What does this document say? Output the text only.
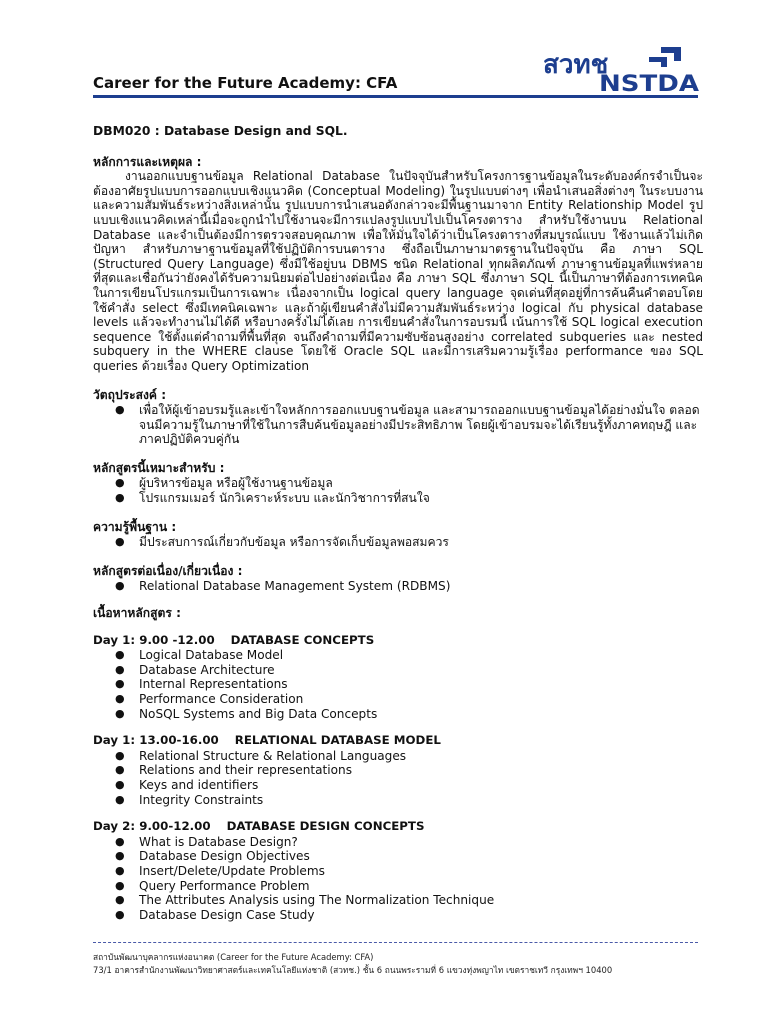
Career for the Future Academy: CFA
สวทช
NSTDA
DBM020 : Database Design and SQL.
หลักการและเหตุผล :

งานออกแบบฐานข้อมูล Relational Database ในปัจจุบันสำหรับโครงการฐานข้อมูลในระดับองค์กรจำเป็นจะต้องอาศัยรูปแบบการออกแบบเชิงแนวคิด (Conceptual Modeling) ในรูปแบบต่างๆ เพื่อนำเสนอสิ่งต่างๆ ในระบบงานและความสัมพันธ์ระหว่างสิ่งเหล่านั้น รูปแบบการนำเสนอดังกล่าวจะมีพื้นฐานมาจาก Entity Relationship Model รูปแบบเชิงแนวคิดเหล่านี้เมื่อจะถูกนำไปใช้งานจะมีการแปลงรูปแบบไปเป็นโครงตาราง สำหรับใช้งานบน Relational Database และจำเป็นต้องมีการตรวจสอบคุณภาพ เพื่อให้มั่นใจได้ว่าเป็นโครงตารางที่สมบูรณ์แบบ ใช้งานแล้วไม่เกิดปัญหา สำหรับภาษาฐานข้อมูลที่ใช้ปฏิบัติการบนตาราง ซึ่งถือเป็นภาษามาตรฐานในปัจจุบัน คือ ภาษา SQL (Structured Query Language) ซึ่งมีใช้อยู่บน DBMS ชนิด Relational ทุกผลิตภัณฑ์ ภาษาฐานข้อมูลที่แพร่หลายที่สุดและเชื่อกันว่ายังคงได้รับความนิยมต่อไปอย่างต่อเนื่อง คือ ภาษา SQL ซึ่งภาษา SQL นี้เป็นภาษาที่ต้องการเทคนิคในการเขียนโปรแกรมเป็นการเฉพาะ เนื่องจากเป็น logical query language จุดเด่นที่สุดอยู่ที่การค้นคืนคำตอบโดยใช้คำสั่ง select ซึ่งมีเทคนิคเฉพาะ และถ้าผู้เขียนคำสั่งไม่มีความสัมพันธ์ระหว่าง logical กับ physical database levels แล้วจะทำงานไม่ได้ดี หรือบางครั้งไม่ได้เลย การเขียนคำสั่งในการอบรมนี้ เน้นการใช้ SQL logical execution sequence ใช้ตั้งแต่คำถามที่พื้นที่สุด จนถึงคำถามที่มีความซับซ้อนสูงอย่าง correlated subqueries และ nested subquery in the WHERE clause โดยใช้ Oracle SQL และมีการเสริมความรู้เรื่อง performance ของ SQL queries ด้วยเรื่อง Query Optimization

วัตถุประสงค์ :
● เพื่อให้ผู้เข้าอบรมรู้และเข้าใจหลักการออกแบบฐานข้อมูล และสามารถออกแบบฐานข้อมูลได้อย่างมั่นใจ ตลอดจนมีความรู้ในภาษาที่ใช้ในการสืบค้นข้อมูลอย่างมีประสิทธิภาพ โดยผู้เข้าอบรมจะได้เรียนรู้ทั้งภาคทฤษฎี และภาคปฏิบัติควบคู่กัน
หลักสูตรนี้เหมาะสำหรับ :
● ผู้บริหารข้อมูล หรือผู้ใช้งานฐานข้อมูล
● โปรแกรมเมอร์ นักวิเคราะห์ระบบ และนักวิชาการที่สนใจ
ความรู้พื้นฐาน :
● มีประสบการณ์เกี่ยวกับข้อมูล หรือการจัดเก็บข้อมูลพอสมควร
หลักสูตรต่อเนื่อง/เกี่ยวเนื่อง :
● Relational Database Management System (RDBMS)
เนื้อหาหลักสูตร :
Day 1: 9.00 -12.00 DATABASE CONCEPTS
● Logical Database Model
● Database Architecture
● Internal Representations
● Performance Consideration
● NoSQL Systems and Big Data Concepts
Day 1: 13.00-16.00 RELATIONAL DATABASE MODEL
● Relational Structure & Relational Languages
● Relations and their representations
● Keys and identifiers
● Integrity Constraints
Day 2: 9.00-12.00 DATABASE DESIGN CONCEPTS
● What is Database Design?
● Database Design Objectives
● Insert/Delete/Update Problems
● Query Performance Problem
● The Attributes Analysis using The Normalization Technique
● Database Design Case Study
สถาบันพัฒนาบุคลากรแห่งอนาคต (Career for the Future Academy: CFA)
73/1 อาคารสำนักงานพัฒนาวิทยาศาสตร์และเทคโนโลยีแห่งชาติ (สวทช.) ชั้น 6 ถนนพระรามที่ 6 แขวงทุ่งพญาไท เขตราชเทวี กรุงเทพฯ 10400
